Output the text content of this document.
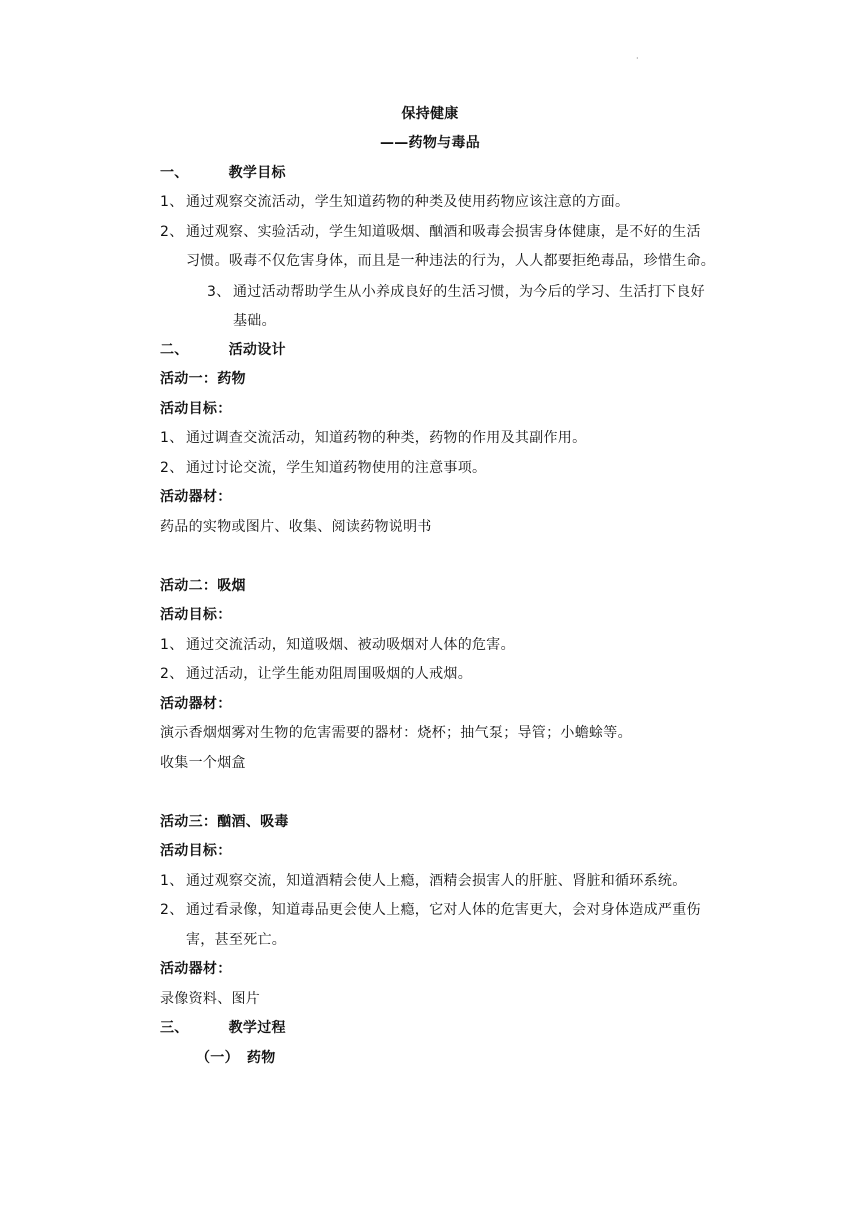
·
保持健康
——药物与毒品
一、	教学目标
1、 通过观察交流活动，学生知道药物的种类及使用药物应该注意的方面。
2、 通过观察、实验活动，学生知道吸烟、酗酒和吸毒会损害身体健康，是不好的生活
习惯。吸毒不仅危害身体，而且是一种违法的行为，人人都要拒绝毒品，珍惜生命。
3、 通过活动帮助学生从小养成良好的生活习惯，为今后的学习、生活打下良好
基础。
二、	活动设计
活动一：药物
活动目标：
1、 通过调查交流活动，知道药物的种类，药物的作用及其副作用。
2、 通过讨论交流，学生知道药物使用的注意事项。
活动器材：
药品的实物或图片、收集、阅读药物说明书
活动二：吸烟
活动目标：
1、 通过交流活动，知道吸烟、被动吸烟对人体的危害。
2、 通过活动，让学生能劝阻周围吸烟的人戒烟。
活动器材：
演示香烟烟雾对生物的危害需要的器材：烧杯；抽气泵；导管；小蟾蜍等。
收集一个烟盒
活动三：酗酒、吸毒
活动目标：
1、 通过观察交流，知道酒精会使人上瘾，酒精会损害人的肝脏、肾脏和循环系统。
2、 通过看录像，知道毒品更会使人上瘾，它对人体的危害更大，会对身体造成严重伤
害，甚至死亡。
活动器材：
录像资料、图片
三、	教学过程
（一） 药物
